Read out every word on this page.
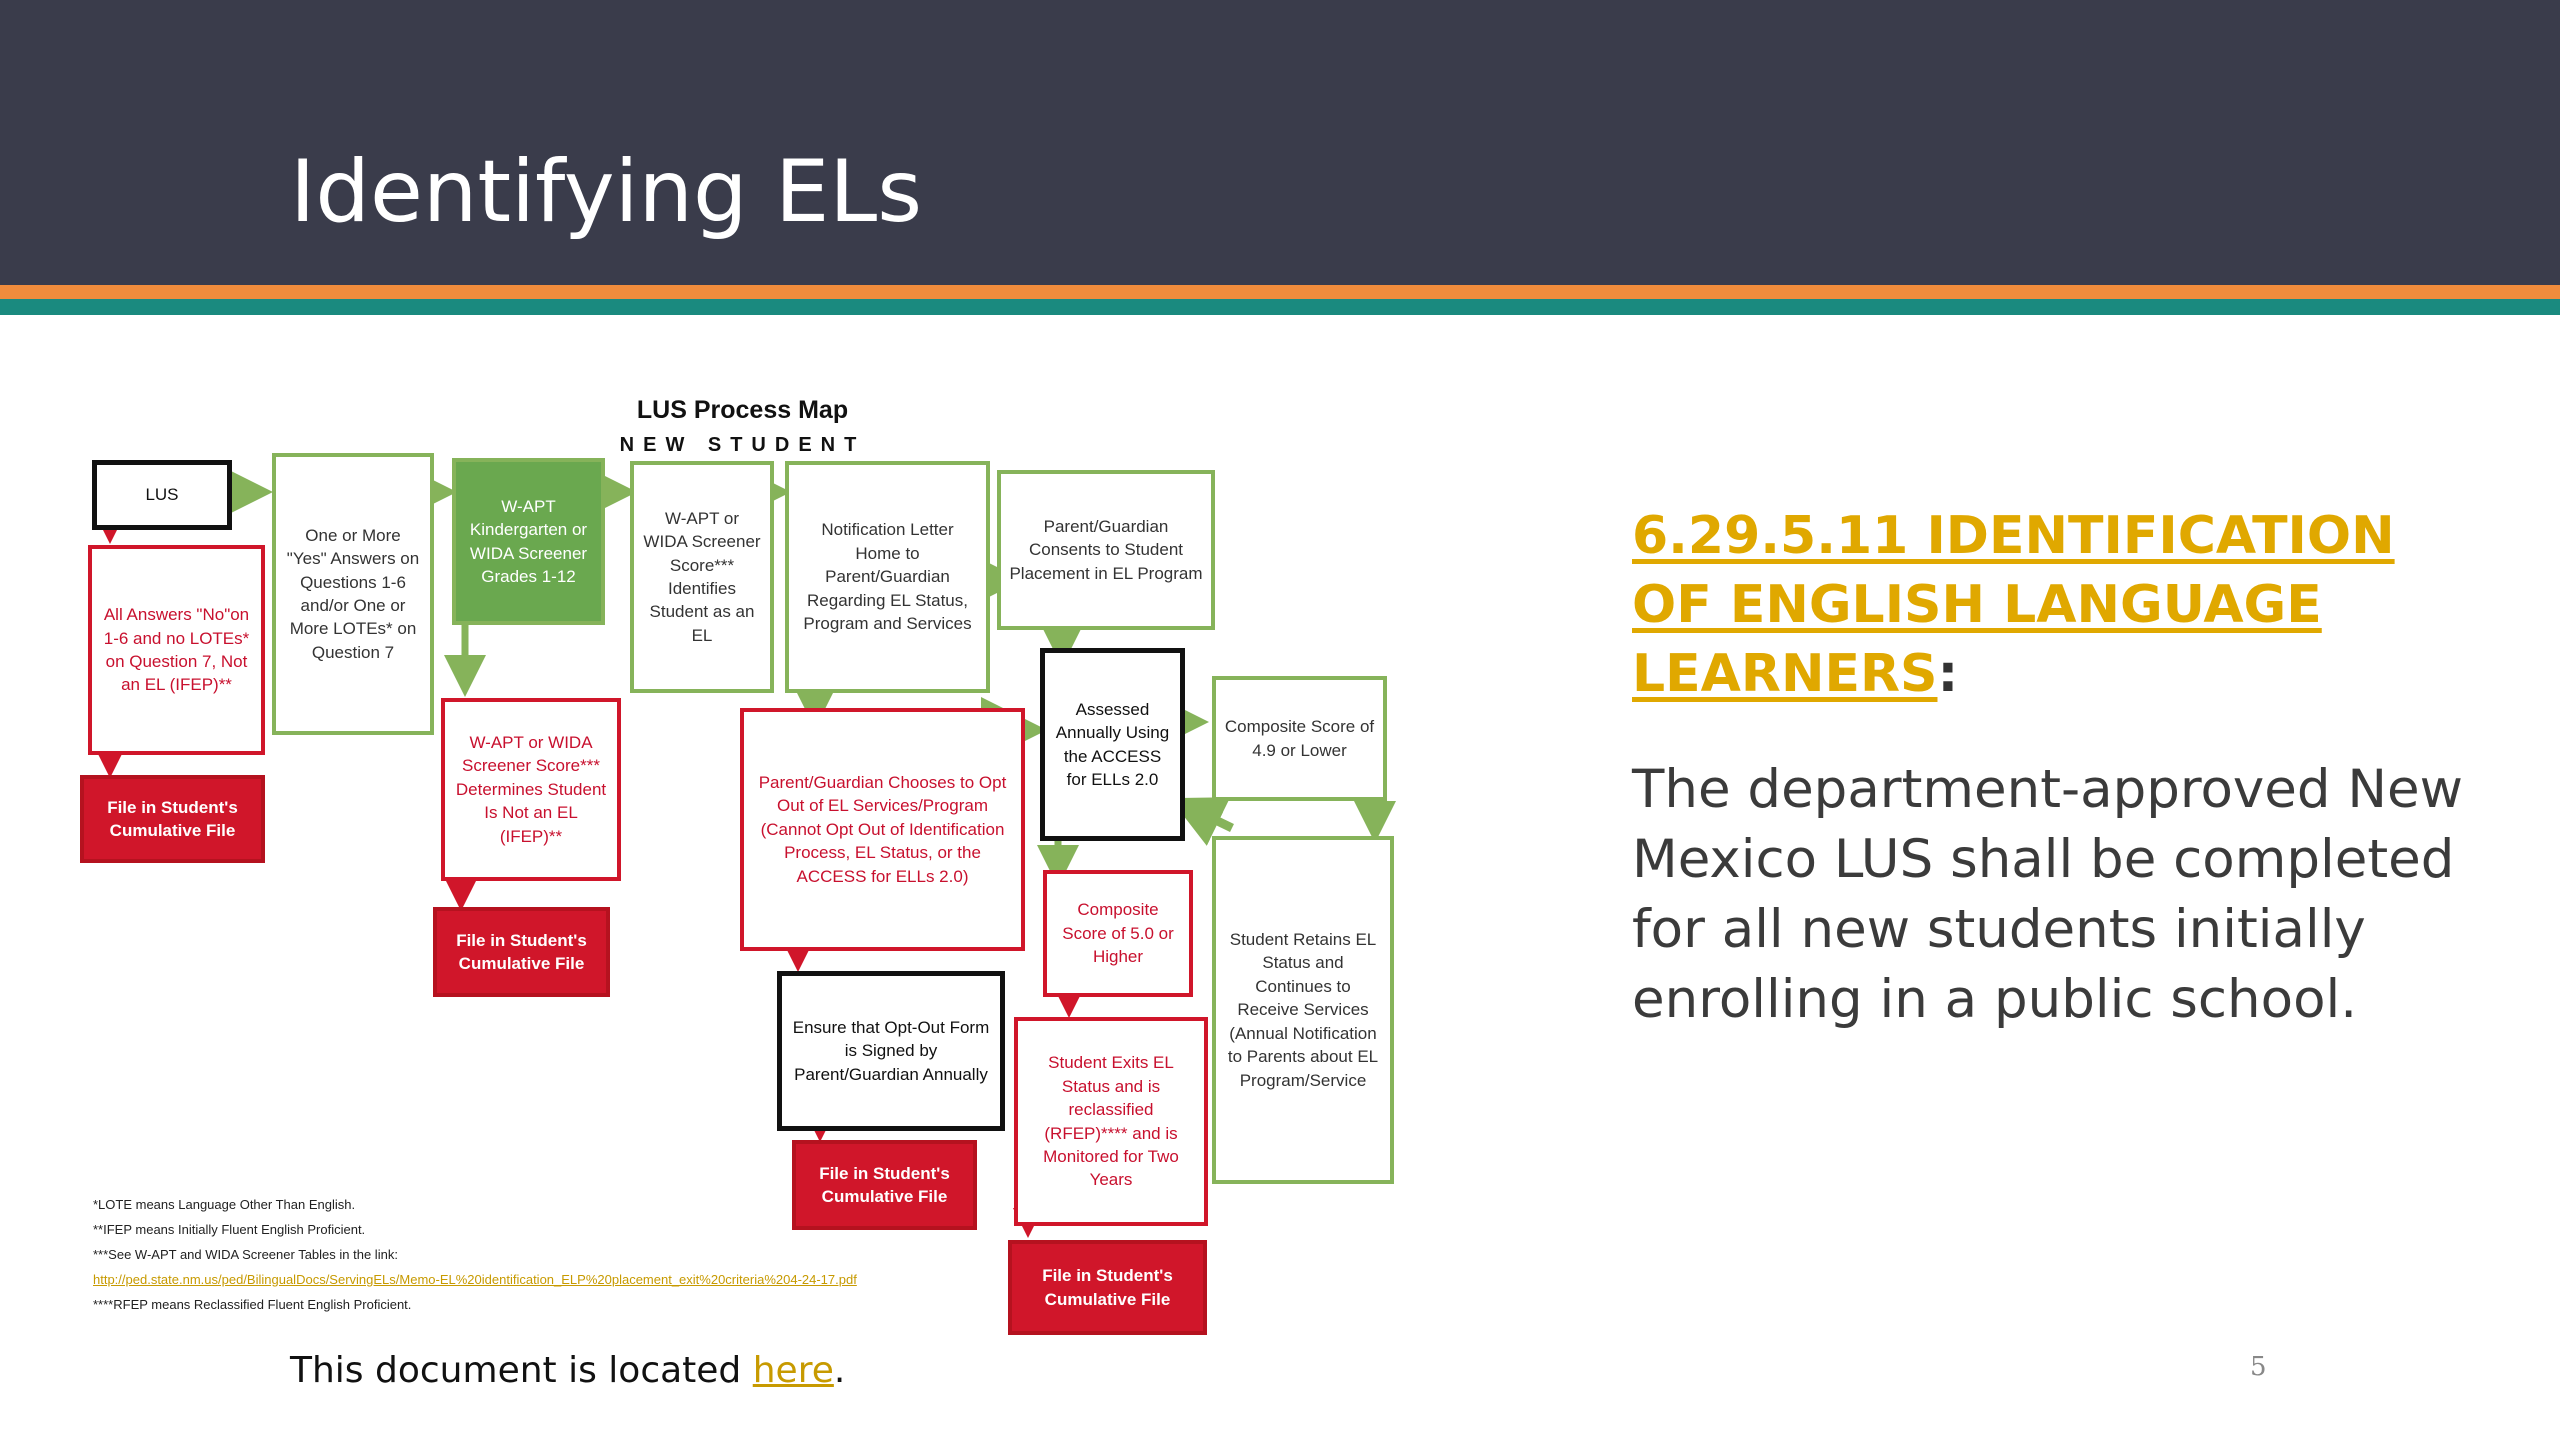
Identifying ELs
LUS Process Map
NEW STUDENT
LUS
All Answers "No"on 1-6 and no LOTEs* on Question 7, Not an EL (IFEP)**
File in Student's Cumulative File
One or More "Yes" Answers on Questions 1-6 and/or One or More LOTEs* on Question 7
W-APT Kindergarten or WIDA Screener Grades 1-12
W-APT or WIDA Screener Score*** Determines Student Is Not an EL (IFEP)**
File in Student's Cumulative File
W-APT or WIDA Screener Score*** Identifies Student as an EL
Notification Letter Home to Parent/Guardian Regarding EL Status, Program and Services
Parent/Guardian Chooses to Opt Out of EL Services/Program (Cannot Opt Out of Identification Process, EL Status, or the ACCESS for ELLs 2.0)
Ensure that Opt-Out Form is Signed by Parent/Guardian Annually
File in Student's Cumulative File
Parent/Guardian Consents to Student Placement in EL Program
Assessed Annually Using the ACCESS for ELLs 2.0
Composite Score of 4.9 or Lower
Composite Score of 5.0 or Higher
Student Retains EL Status and Continues to Receive Services (Annual Notification to Parents about EL Program/Service
Student Exits EL Status and is reclassified (RFEP)**** and is Monitored for Two Years
File in Student's Cumulative File
*LOTE means Language Other Than English.
**IFEP means Initially Fluent English Proficient.
***See W-APT and WIDA Screener Tables in the link:
http://ped.state.nm.us/ped/BilingualDocs/ServingELs/Memo-EL%20identification_ELP%20placement_exit%20criteria%204-24-17.pdf
****RFEP means Reclassified Fluent English Proficient.
This document is located here.
6.29.5.11 IDENTIFICATION OF ENGLISH LANGUAGE LEARNERS:
The department-approved New Mexico LUS shall be completed for all new students initially enrolling in a public school.
5
